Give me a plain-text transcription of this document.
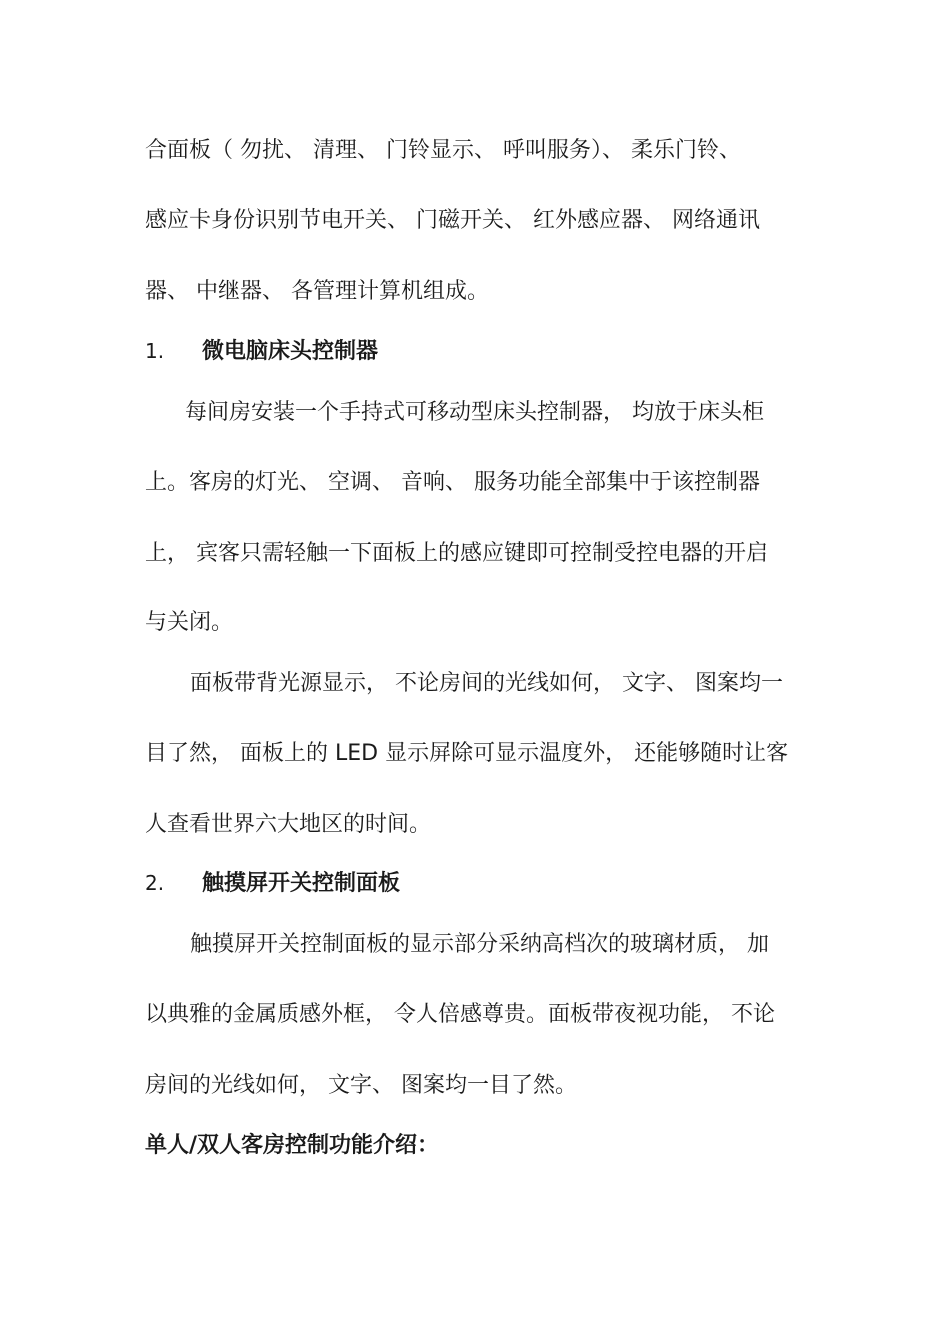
合面板（ 勿扰、 清理、 门铃显示、 呼叫服务）、 柔乐门铃、
感应卡身份识别节电开关、 门磁开关、 红外感应器、 网络通讯
器、 中继器、 各管理计算机组成。
1. 微电脑床头控制器
每间房安装一个手持式可移动型床头控制器， 均放于床头柜
上。客房的灯光、 空调、 音响、 服务功能全部集中于该控制器
上， 宾客只需轻触一下面板上的感应键即可控制受控电器的开启
与关闭。
面板带背光源显示， 不论房间的光线如何， 文字、 图案均一
目了然， 面板上的 LED 显示屏除可显示温度外， 还能够随时让客
人查看世界六大地区的时间。
2. 触摸屏开关控制面板
触摸屏开关控制面板的显示部分采纳高档次的玻璃材质， 加
以典雅的金属质感外框， 令人倍感尊贵。面板带夜视功能， 不论
房间的光线如何， 文字、 图案均一目了然。
单人/双人客房控制功能介绍：
